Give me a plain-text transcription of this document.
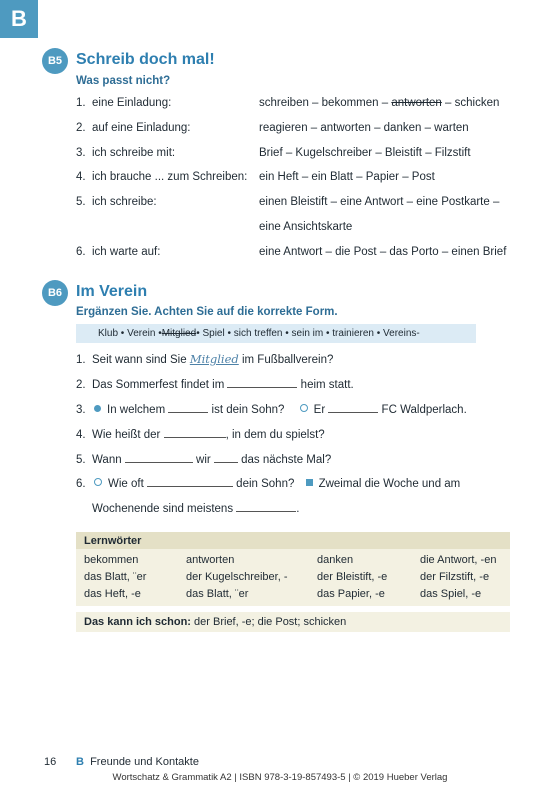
B
B5 Schreib doch mal!
Was passt nicht?
1. eine Einladung:	schreiben – bekommen – antworten – schicken
2. auf eine Einladung:	reagieren – antworten – danken – warten
3. ich schreibe mit:	Brief – Kugelschreiber – Bleistift – Filzstift
4. ich brauche ... zum Schreiben: ein Heft – ein Blatt – Papier – Post
5. ich schreibe:	einen Bleistift – eine Antwort – eine Postkarte –
eine Ansichtskarte
6. ich warte auf:	eine Antwort – die Post – das Porto – einen Brief
B6 Im Verein
Ergänzen Sie. Achten Sie auf die korrekte Form.
Klub • Verein • Mitglied • Spiel • sich treffen • sein im • trainieren • Vereins-
1. Seit wann sind Sie Mitglied im Fußballverein?
2. Das Sommerfest findet im	heim statt.
3. In welchem	ist dein Sohn?	Er	FC Waldperlach.
4. Wie heißt der	, in dem du spielst?
5. Wann	wir  das nächste Mal?
6. Wie oft	dein Sohn? Zweimal die Woche und am
Wochenende sind meistens	.
Lernwörter
bekommen	antworten	danken	die Antwort, -en
das Blatt, ¨er	der Kugelschreiber, -	der Bleistift, -e	der Filzstift, -e
das Heft, -e	das Blatt, ¨er	das Papier, -e	das Spiel, -e
Das kann ich schon: der Brief, -e; die Post; schicken
16 B Freunde und Kontakte
Wortschatz & Grammatik A2 | ISBN 978-3-19-857493-5 | © 2019 Hueber Verlag
